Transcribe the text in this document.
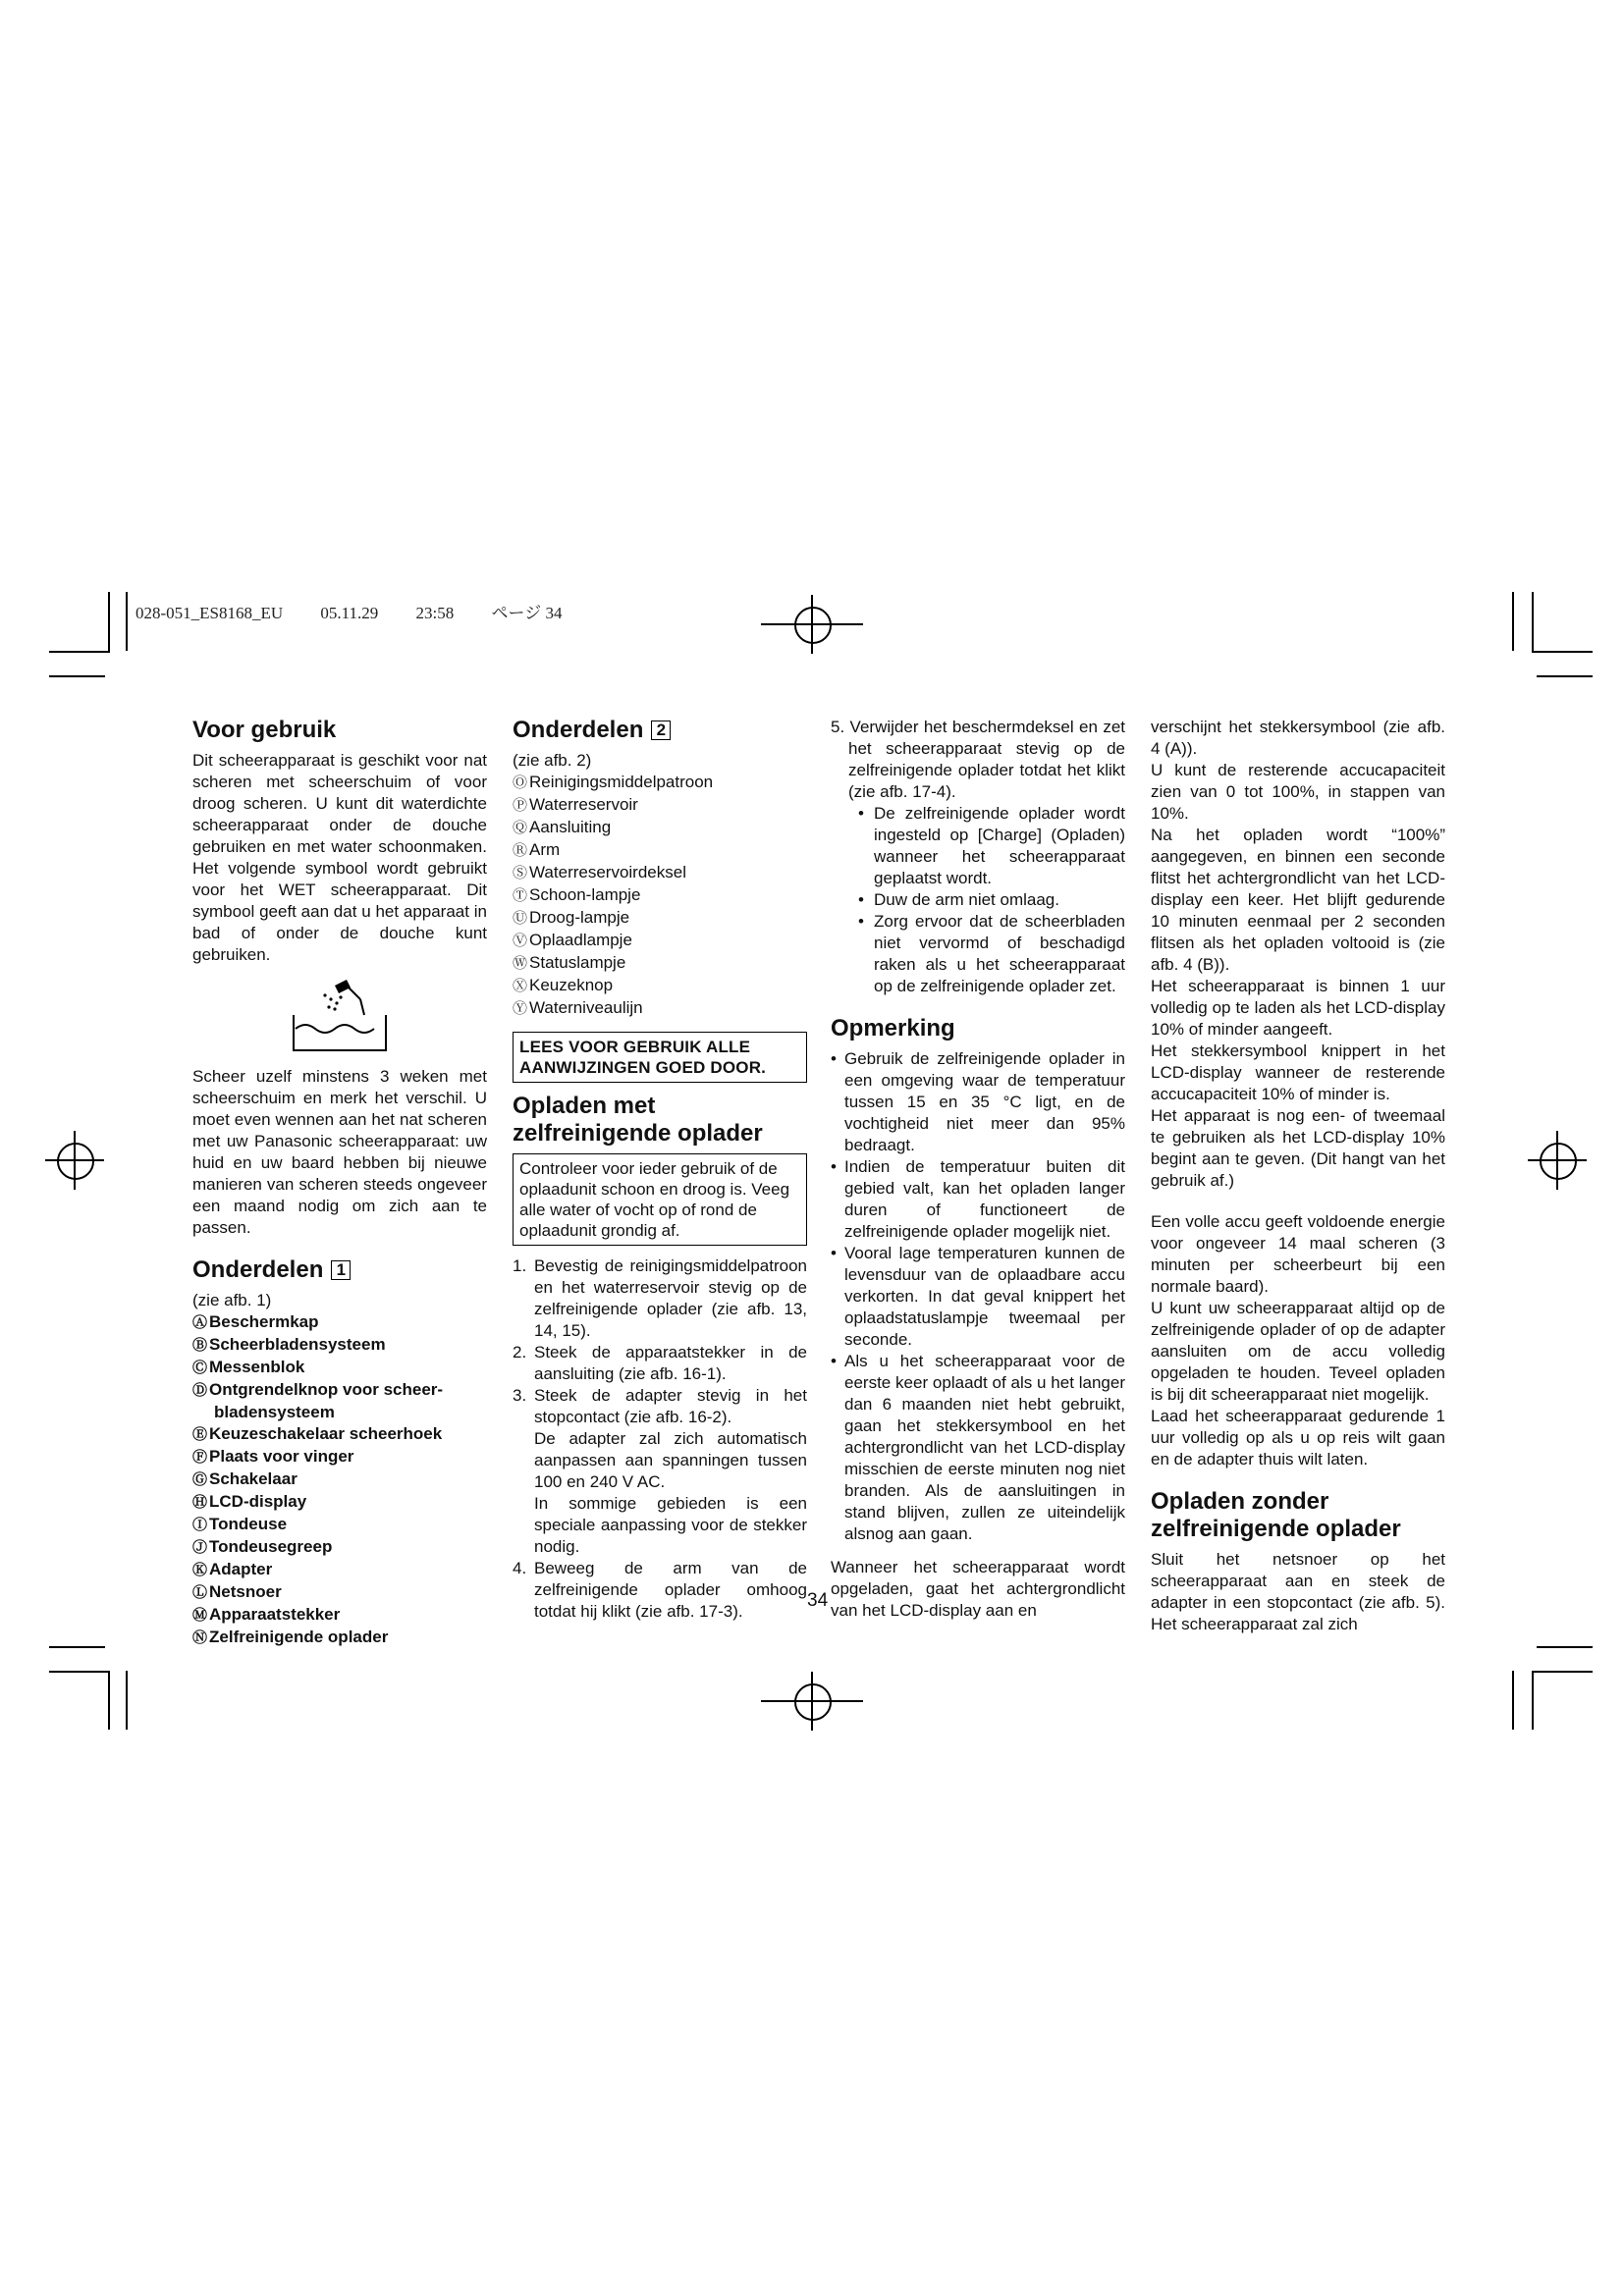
028-051_ES8168_EU 05.11.29 23:58 ページ 34
Voor gebruik

Dit scheerapparaat is geschikt voor nat scheren met scheerschuim of voor droog scheren. U kunt dit waterdichte scheerapparaat onder de douche gebruiken en met water schoonmaken. Het volgende symbool wordt gebruikt voor het WET scheerapparaat. Dit symbool geeft aan dat u het apparaat in bad of onder de douche kunt gebruiken.

Scheer uzelf minstens 3 weken met scheerschuim en merk het verschil. U moet even wennen aan het nat scheren met uw Panasonic scheerapparaat: uw huid en uw baard hebben bij nieuwe manieren van scheren steeds ongeveer een maand nodig om zich aan te passen.

Onderdelen 1

(zie afb. 1)

Ⓐ Beschermkap
Ⓑ Scheerbladensysteem
Ⓒ Messenblok
Ⓓ Ontgrendelknop voor scheer-
bladensysteem
Ⓔ Keuzeschakelaar scheerhoek
Ⓕ Plaats voor vinger
Ⓖ Schakelaar
Ⓗ LCD-display
Ⓘ Tondeuse
Ⓙ Tondeusegreep
Ⓚ Adapter
Ⓛ Netsnoer
Ⓜ Apparaatstekker
Ⓝ Zelfreinigende oplader
Onderdelen 2

(zie afb. 2)

Ⓞ Reinigingsmiddelpatroon
Ⓟ Waterreservoir
Ⓠ Aansluiting
Ⓡ Arm
Ⓢ Waterreservoirdeksel
Ⓣ Schoon-lampje
Ⓤ Droog-lampje
Ⓥ Oplaadlampje
Ⓦ Statuslampje
Ⓧ Keuzeknop
Ⓨ Waterniveaulijn
LEES VOOR GEBRUIK ALLE AANWIJZINGEN GOED DOOR.
Opladen met zelfreinigende oplader
Controleer voor ieder gebruik of de oplaadunit schoon en droog is. Veeg alle water of vocht op of rond de oplaadunit grondig af.
1. Bevestig de reinigingsmiddelpatroon en het waterreservoir stevig op de zelfreinigende oplader (zie afb. 13, 14, 15).
2. Steek de apparaatstekker in de aansluiting (zie afb. 16-1).
3. Steek de adapter stevig in het stopcontact (zie afb. 16-2).
De adapter zal zich automatisch aanpassen aan spanningen tussen 100 en 240 V AC.
In sommige gebieden is een speciale aanpassing voor de stekker nodig.
4. Beweeg de arm van de zelfreinigende oplader omhoog totdat hij klikt (zie afb. 17-3).

5. Verwijder het beschermdeksel en zet het scheerapparaat stevig op de zelfreinigende oplader totdat het klikt (zie afb. 17-4).

• De zelfreinigende oplader wordt ingesteld op [Charge] (Opladen) wanneer het scheerapparaat geplaatst wordt.
• Duw de arm niet omlaag.
• Zorg ervoor dat de scheerbladen niet vervormd of beschadigd raken als u het scheerapparaat op de zelfreinigende oplader zet.
Opmerking
• Gebruik de zelfreinigende oplader in een omgeving waar de temperatuur tussen 15 en 35 °C ligt, en de vochtigheid niet meer dan 95% bedraagt.
• Indien de temperatuur buiten dit gebied valt, kan het opladen langer duren of functioneert de zelfreinigende oplader mogelijk niet.
• Vooral lage temperaturen kunnen de levensduur van de oplaadbare accu verkorten. In dat geval knippert het oplaadstatuslampje tweemaal per seconde.
• Als u het scheerapparaat voor de eerste keer oplaadt of als u het langer dan 6 maanden niet hebt gebruikt, gaan het stekkersymbool en het achtergrondlicht van het LCD-display misschien de eerste minuten nog niet branden. Als de aansluitingen in stand blijven, zullen ze uiteindelijk alsnog aan gaan.

Wanneer het scheerapparaat wordt opgeladen, gaat het achtergrondlicht van het LCD-display aan en

verschijnt het stekkersymbool (zie afb. 4 (A)).

U kunt de resterende accucapaciteit zien van 0 tot 100%, in stappen van 10%.

Na het opladen wordt “100%” aangegeven, en binnen een seconde flitst het achtergrondlicht van het LCD-display een keer. Het blijft gedurende 10 minuten eenmaal per 2 seconden flitsen als het opladen voltooid is (zie afb. 4 (B)).

Het scheerapparaat is binnen 1 uur volledig op te laden als het LCD-display 10% of minder aangeeft.

Het stekkersymbool knippert in het LCD-display wanneer de resterende accucapaciteit 10% of minder is.

Het apparaat is nog een- of tweemaal te gebruiken als het LCD-display 10% begint aan te geven. (Dit hangt van het gebruik af.)

Een volle accu geeft voldoende energie voor ongeveer 14 maal scheren (3 minuten per scheerbeurt bij een normale baard).

U kunt uw scheerapparaat altijd op de zelfreinigende oplader of op de adapter aansluiten om de accu volledig opgeladen te houden. Teveel opladen is bij dit scheerapparaat niet mogelijk.

Laad het scheerapparaat gedurende 1 uur volledig op als u op reis wilt gaan en de adapter thuis wilt laten.

Opladen zonder zelfreinigende oplader

Sluit het netsnoer op het scheerapparaat aan en steek de adapter in een stopcontact (zie afb. 5). Het scheerapparaat zal zich

34
